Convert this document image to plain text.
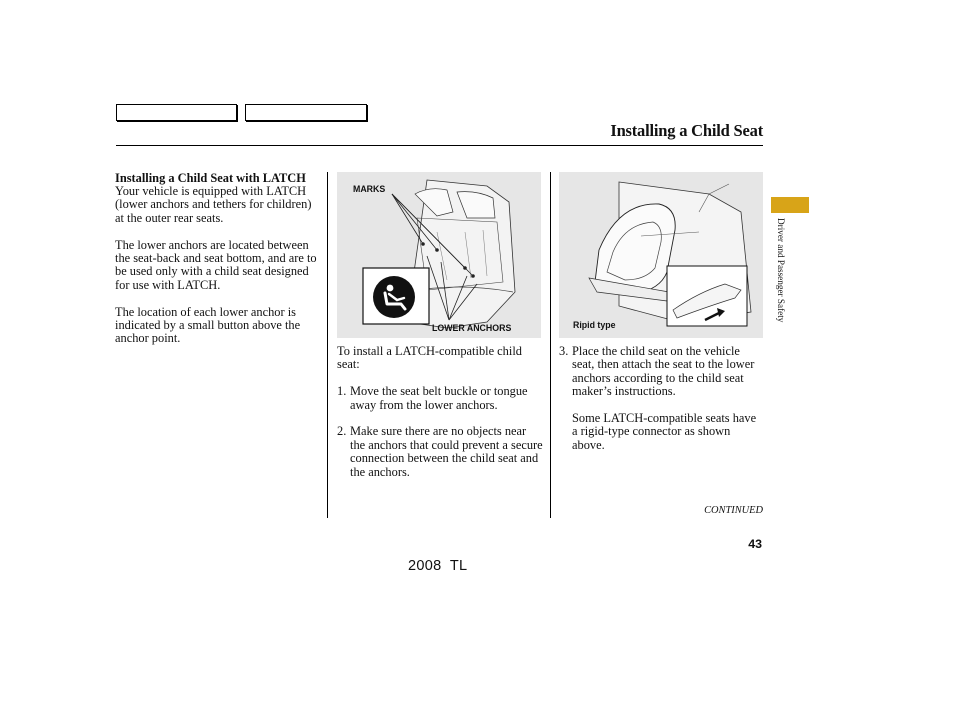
Installing a Child Seat
Installing a Child Seat with LATCH

Your vehicle is equipped with LATCH (lower anchors and tethers for children) at the outer rear seats.

The lower anchors are located between the seat-back and seat bottom, and are to be used only with a child seat designed for use with LATCH.

The location of each lower anchor is indicated by a small button above the anchor point.

MARKS
LOWER ANCHORS

To install a LATCH-compatible child seat:

1. Move the seat belt buckle or tongue away from the lower anchors.
2. Make sure there are no objects near the anchors that could prevent a secure connection between the child seat and the anchors.
Ripid type
3. Place the child seat on the vehicle seat, then attach the seat to the lower anchors according to the child seat maker’s instructions.

Some LATCH-compatible seats have a rigid-type connector as shown above.

Driver and Passenger Safety
CONTINUED
43
2008  TL
